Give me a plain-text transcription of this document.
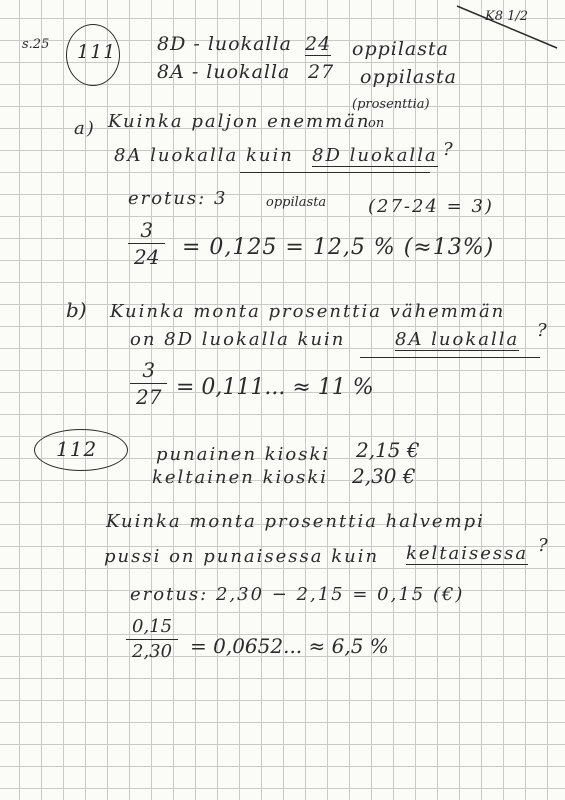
s.25
K8 1/2
111 8D - luokalla 24 oppilasta
8A - luokalla 27 oppilasta
a) Kuinka paljon enemmän
(prosenttia)
on
8A luokalla kuin 8D luokalla ?
erotus: 3	oppilasta (27-24 = 3)
$\frac{3}{24} = 0,125 = 12,5$ % (≈13%)
b) Kuinka monta prosenttia vähemmän
on 8D luokalla kuin	8A luokalla ?
$\frac{3}{27} = 0,111$... ≈ 11 %
112	punainen kioski 2,15 €
keltainen kioski 2,30 €
Kuinka monta prosenttia halvempi
pussi on punaisessa kuin keltaisessa ?
erotus: 2,30 − 2,15 = 0,15 (€)
$\frac{0,15}{2,30} = 0,0652$... ≈ 6,5 %
